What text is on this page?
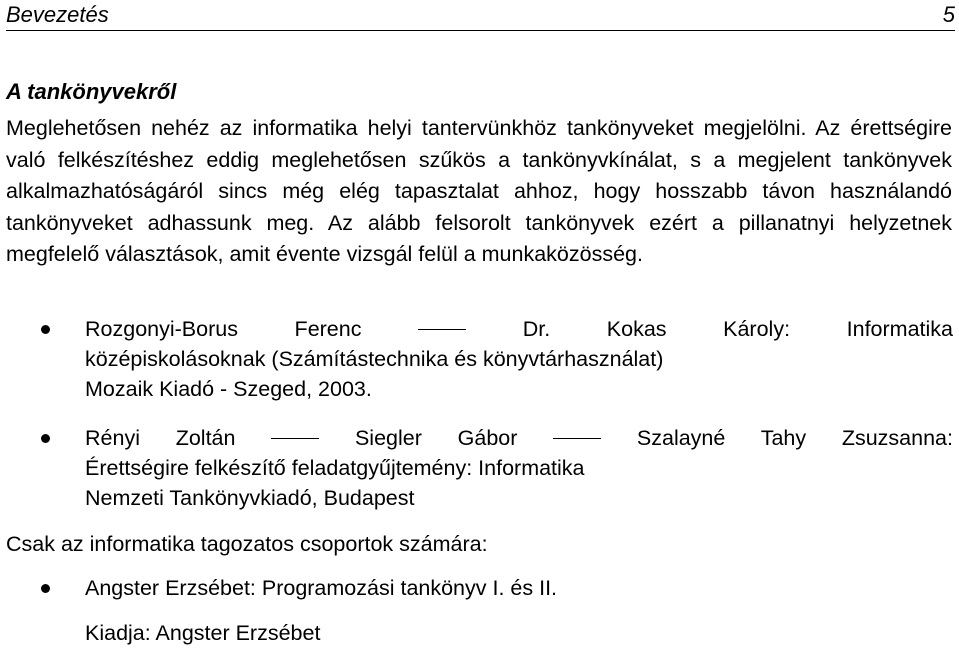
Bevezetés	5
A tankönyvekről
Meglehetősen nehéz az informatika helyi tantervünkhöz tankönyveket megjelölni. Az érettségire való felkészítéshez eddig meglehetősen szűkös a tankönyvkínálat, s a megjelent tankönyvek alkalmazhatóságáról sincs még elég tapasztalat ahhoz, hogy hosszabb távon használandó tankönyveket adhassunk meg. Az alább felsorolt tankönyvek ezért a pillanatnyi helyzetnek megfelelő választások, amit évente vizsgál felül a munkaközösség.
Rozgonyi-Borus Ferenc	Dr. Kokas Károly: Informatika
középiskolásoknak (Számítástechnika és könyvtárhasználat)
Mozaik Kiadó - Szeged, 2003.
Rényi Zoltán	Siegler Gábor	Szalayné Tahy Zsuzsanna:
Érettségire felkészítő feladatgyűjtemény: Informatika
Nemzeti Tankönyvkiadó, Budapest
Csak az informatika tagozatos csoportok számára:
Angster Erzsébet: Programozási tankönyv I. és II.
Kiadja: Angster Erzsébet
